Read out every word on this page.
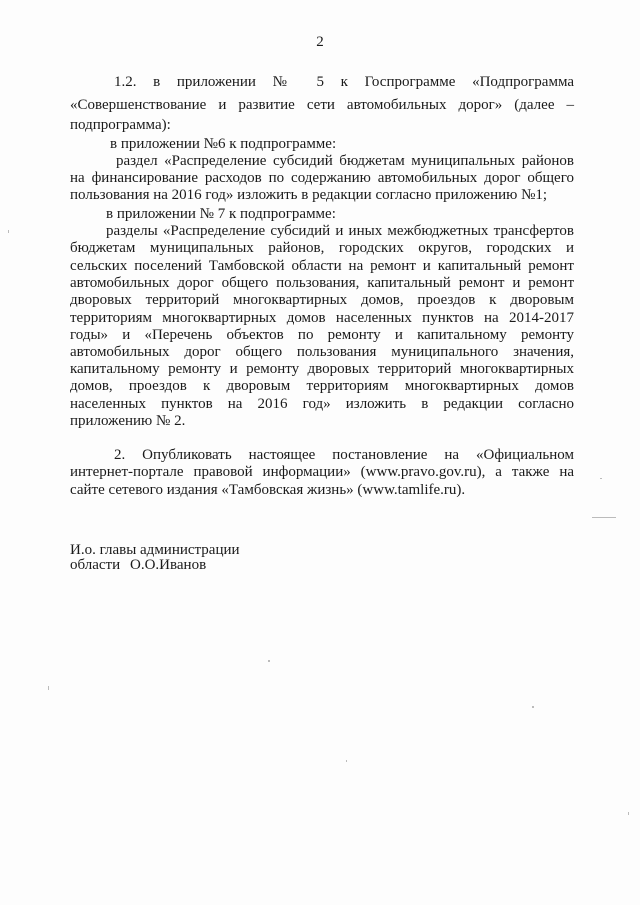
2
1.2. в приложении № 5 к Госпрограмме «Подпрограмма
«Совершенствование и развитие сети автомобильных дорог» (далее –
подпрограмма):
в приложении №6 к подпрограмме:
раздел «Распределение субсидий бюджетам муниципальных районов
на финансирование расходов по содержанию автомобильных дорог общего
пользования на 2016 год» изложить в редакции согласно приложению №1;
в приложении № 7 к подпрограмме:
разделы «Распределение субсидий и иных межбюджетных трансфертов
бюджетам муниципальных районов, городских округов, городских и
сельских поселений Тамбовской области на ремонт и капитальный ремонт
автомобильных дорог общего пользования, капитальный ремонт и ремонт
дворовых территорий многоквартирных домов, проездов к дворовым
территориям многоквартирных домов населенных пунктов на 2014-2017
годы» и «Перечень объектов по ремонту и капитальному ремонту
автомобильных дорог общего пользования муниципального значения,
капитальному ремонту и ремонту дворовых территорий многоквартирных
домов, проездов к дворовым территориям многоквартирных домов
населенных пунктов на 2016 год» изложить в редакции согласно
приложению № 2.
2. Опубликовать настоящее постановление на «Официальном
интернет-портале правовой информации» (www.pravo.gov.ru), а также на
сайте сетевого издания «Тамбовская жизнь» (www.tamlife.ru).
И.о. главы администрации
области О.О.Иванов
